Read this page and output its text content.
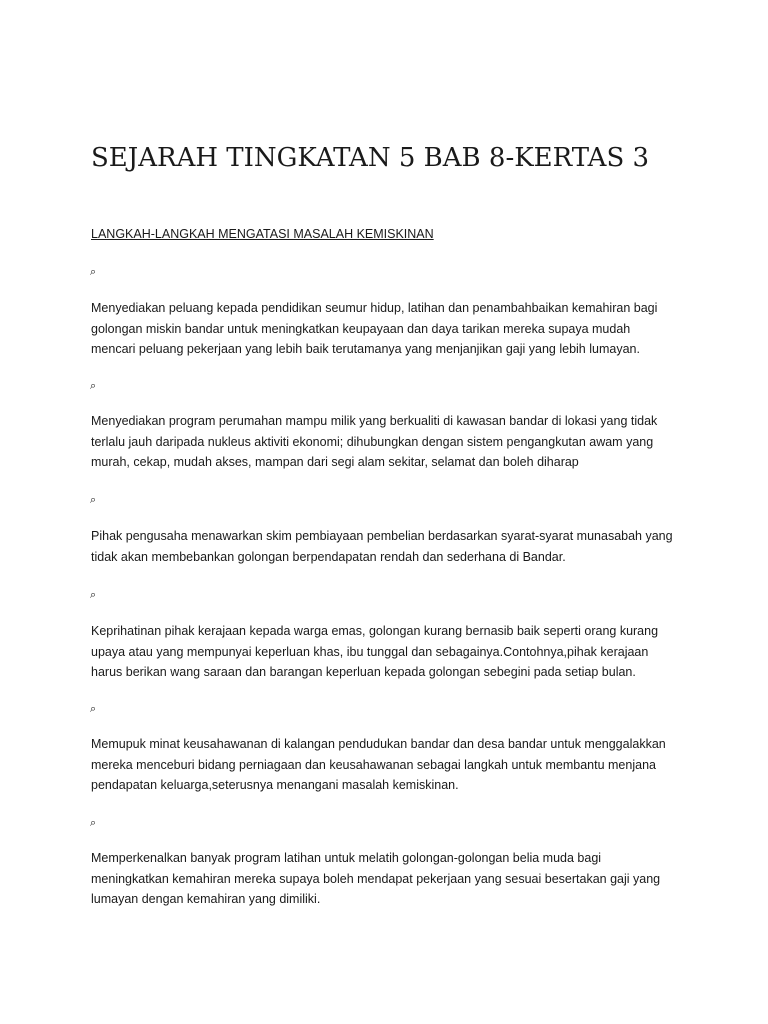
SEJARAH TINGKATAN 5 BAB 8-KERTAS 3
LANGKAH-LANGKAH MENGATASI MASALAH KEMISKINAN
⌕

Menyediakan peluang kepada pendidikan seumur hidup, latihan dan penambahbaikan kemahiran bagi
golongan miskin bandar untuk meningkatkan keupayaan dan daya tarikan mereka supaya mudah
mencari peluang pekerjaan yang lebih baik terutamanya yang menjanjikan gaji yang lebih lumayan.

⌕

Menyediakan program perumahan mampu milik yang berkualiti di kawasan bandar di lokasi yang tidak
terlalu jauh daripada nukleus aktiviti ekonomi; dihubungkan dengan sistem pengangkutan awam yang
murah, cekap, mudah akses, mampan dari segi alam sekitar, selamat dan boleh diharap

⌕

Pihak pengusaha menawarkan skim pembiayaan pembelian berdasarkan syarat-syarat munasabah yang
tidak akan membebankan golongan berpendapatan rendah dan sederhana di Bandar.

⌕

Keprihatinan pihak kerajaan kepada warga emas, golongan kurang bernasib baik seperti orang kurang
upaya atau yang mempunyai keperluan khas, ibu tunggal dan sebagainya.Contohnya,pihak kerajaan
harus berikan wang saraan dan barangan keperluan kepada golongan sebegini pada setiap bulan.

⌕

Memupuk minat keusahawanan di kalangan pendudukan bandar dan desa bandar untuk menggalakkan
mereka menceburi bidang perniagaan dan keusahawanan sebagai langkah untuk membantu menjana
pendapatan keluarga,seterusnya menangani masalah kemiskinan.

⌕

Memperkenalkan banyak program latihan untuk melatih golongan-golongan belia muda bagi
meningkatkan kemahiran mereka supaya boleh mendapat pekerjaan yang sesuai besertakan gaji yang
lumayan dengan kemahiran yang dimiliki.
